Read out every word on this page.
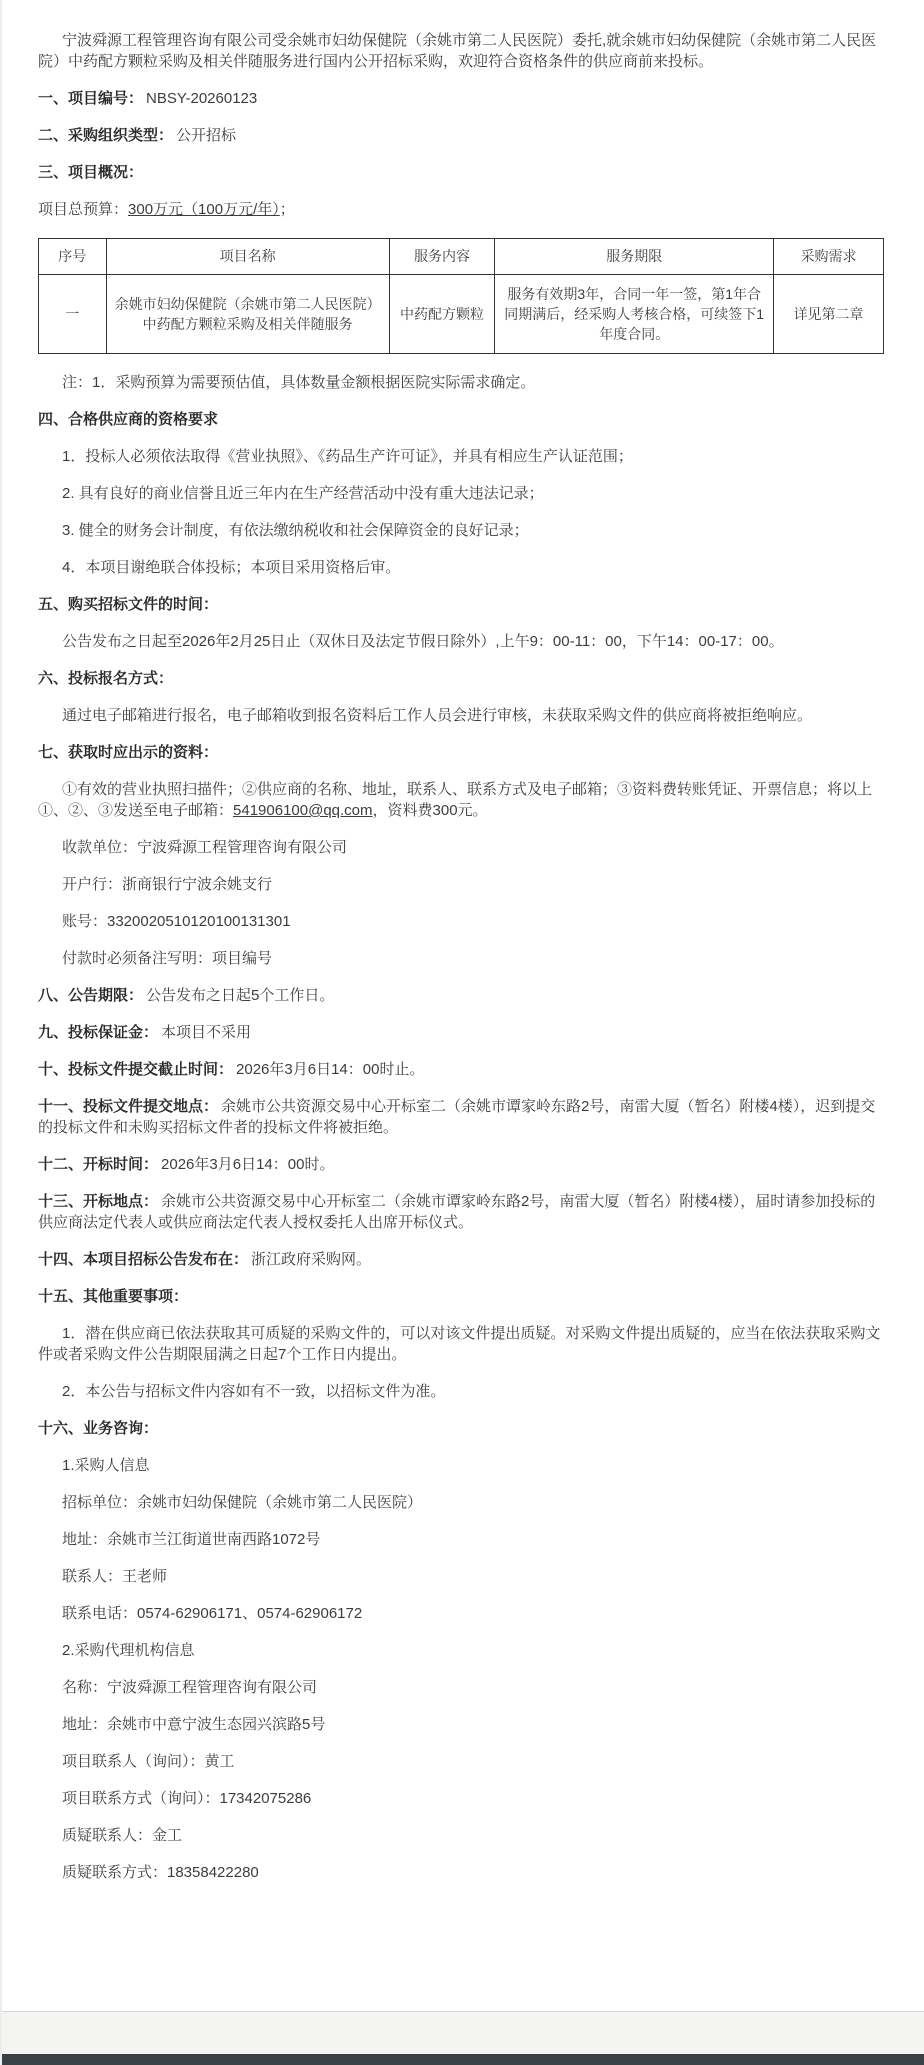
宁波舜源工程管理咨询有限公司受余姚市妇幼保健院（余姚市第二人民医院）委托,就余姚市妇幼保健院（余姚市第二人民医院）中药配方颗粒采购及相关伴随服务进行国内公开招标采购，欢迎符合资格条件的供应商前来投标。

一、项目编号： NBSY-20260123

二、采购组织类型： 公开招标

三、项目概况：

项目总预算：300万元（100万元/年）；

序号	项目名称	服务内容	服务期限	采购需求
一	余姚市妇幼保健院（余姚市第二人民医院）中药配方颗粒采购及相关伴随服务	中药配方颗粒	服务有效期3年，合同一年一签，第1年合同期满后，经采购人考核合格，可续签下1年度合同。	详见第二章

注：1．采购预算为需要预估值，具体数量金额根据医院实际需求确定。

四、合格供应商的资格要求

1．投标人必须依法取得《营业执照》、《药品生产许可证》，并具有相应生产认证范围；

2. 具有良好的商业信誉且近三年内在生产经营活动中没有重大违法记录；

3. 健全的财务会计制度，有依法缴纳税收和社会保障资金的良好记录；

4．本项目谢绝联合体投标；本项目采用资格后审。

五、购买招标文件的时间：

公告发布之日起至2026年2月25日止（双休日及法定节假日除外）,上午9：00-11：00，下午14：00-17：00。

六、投标报名方式：

通过电子邮箱进行报名，电子邮箱收到报名资料后工作人员会进行审核，未获取采购文件的供应商将被拒绝响应。

七、获取时应出示的资料：

①有效的营业执照扫描件；②供应商的名称、地址，联系人、联系方式及电子邮箱；③资料费转账凭证、开票信息；将以上①、②、③发送至电子邮箱：541906100@qq.com，资料费300元。

收款单位：宁波舜源工程管理咨询有限公司

开户行：浙商银行宁波余姚支行

账号：3320020510120100131301

付款时必须备注写明：项目编号

八、公告期限： 公告发布之日起5个工作日。

九、投标保证金： 本项目不采用

十、投标文件提交截止时间： 2026年3月6日14：00时止。

十一、投标文件提交地点： 余姚市公共资源交易中心开标室二（余姚市谭家岭东路2号，南雷大厦（暂名）附楼4楼），迟到提交的投标文件和未购买招标文件者的投标文件将被拒绝。

十二、开标时间： 2026年3月6日14：00时。

十三、开标地点： 余姚市公共资源交易中心开标室二（余姚市谭家岭东路2号，南雷大厦（暂名）附楼4楼），届时请参加投标的供应商法定代表人或供应商法定代表人授权委托人出席开标仪式。

十四、本项目招标公告发布在： 浙江政府采购网。

十五、其他重要事项：

1．潜在供应商已依法获取其可质疑的采购文件的，可以对该文件提出质疑。对采购文件提出质疑的，应当在依法获取采购文件或者采购文件公告期限届满之日起7个工作日内提出。

2．本公告与招标文件内容如有不一致，以招标文件为准。

十六、业务咨询：

1.采购人信息

招标单位：余姚市妇幼保健院（余姚市第二人民医院）

地址：余姚市兰江街道世南西路1072号

联系人：王老师

联系电话：0574-62906171、0574-62906172

2.采购代理机构信息

名称：宁波舜源工程管理咨询有限公司

地址：余姚市中意宁波生态园兴滨路5号

项目联系人（询问）：黄工

项目联系方式（询问）：17342075286

质疑联系人：金工

质疑联系方式：18358422280
